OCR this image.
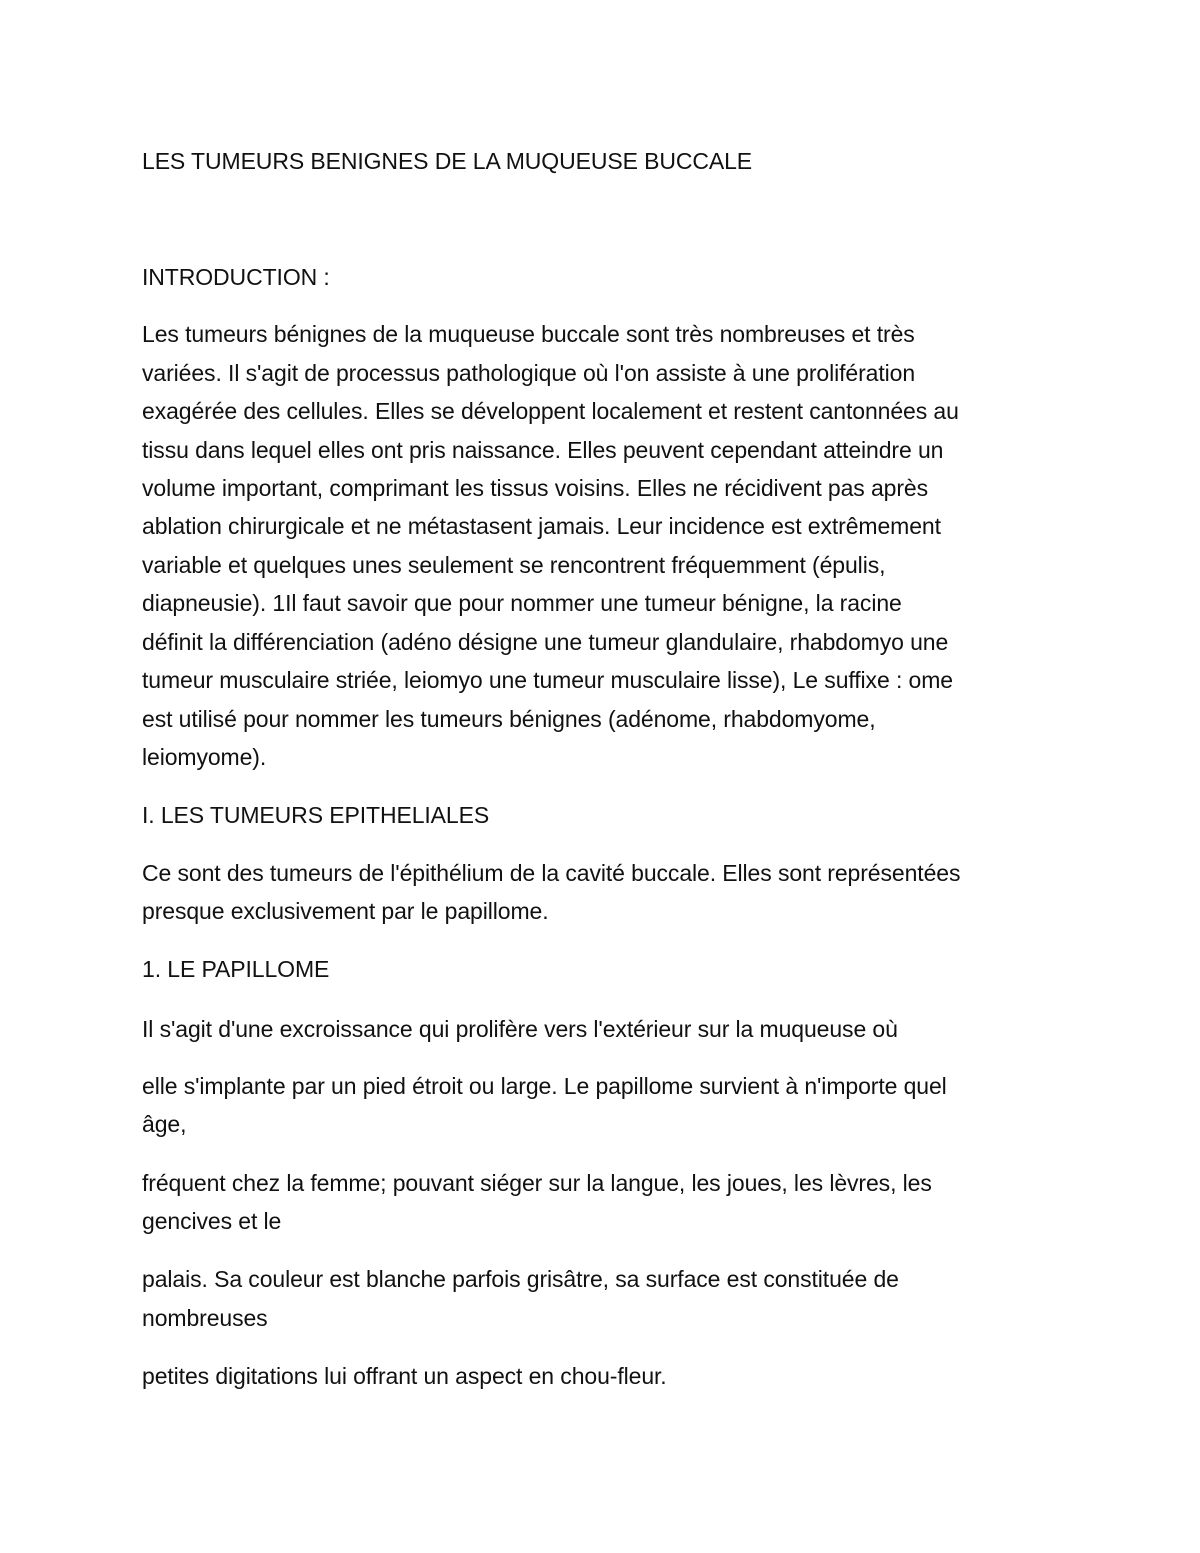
LES TUMEURS BENIGNES DE LA MUQUEUSE BUCCALE
INTRODUCTION :
Les tumeurs bénignes de la muqueuse buccale sont très nombreuses et très
variées. Il s'agit de processus pathologique où l'on assiste à une prolifération
exagérée des cellules. Elles se développent localement et restent cantonnées au
tissu dans lequel elles ont pris naissance. Elles peuvent cependant atteindre un
volume important, comprimant les tissus voisins. Elles ne récidivent pas après
ablation chirurgicale et ne métastasent jamais. Leur incidence est extrêmement
variable et quelques unes seulement se rencontrent fréquemment (épulis,
diapneusie). 1Il faut savoir que pour nommer une tumeur bénigne, la racine
définit la différenciation (adéno désigne une tumeur glandulaire, rhabdomyo une
tumeur musculaire striée, leiomyo une tumeur musculaire lisse), Le suffixe : ome
est utilisé pour nommer les tumeurs bénignes (adénome, rhabdomyome,
leiomyome).
I. LES TUMEURS EPITHELIALES
Ce sont des tumeurs de l'épithélium de la cavité buccale. Elles sont représentées
presque exclusivement par le papillome.
1. LE PAPILLOME
Il s'agit d'une excroissance qui prolifère vers l'extérieur sur la muqueuse où
elle s'implante par un pied étroit ou large. Le papillome survient à n'importe quel
âge,
fréquent chez la femme; pouvant siéger sur la langue, les joues, les lèvres, les
gencives et le
palais. Sa couleur est blanche parfois grisâtre, sa surface est constituée de
nombreuses
petites digitations lui offrant un aspect en chou-fleur.
